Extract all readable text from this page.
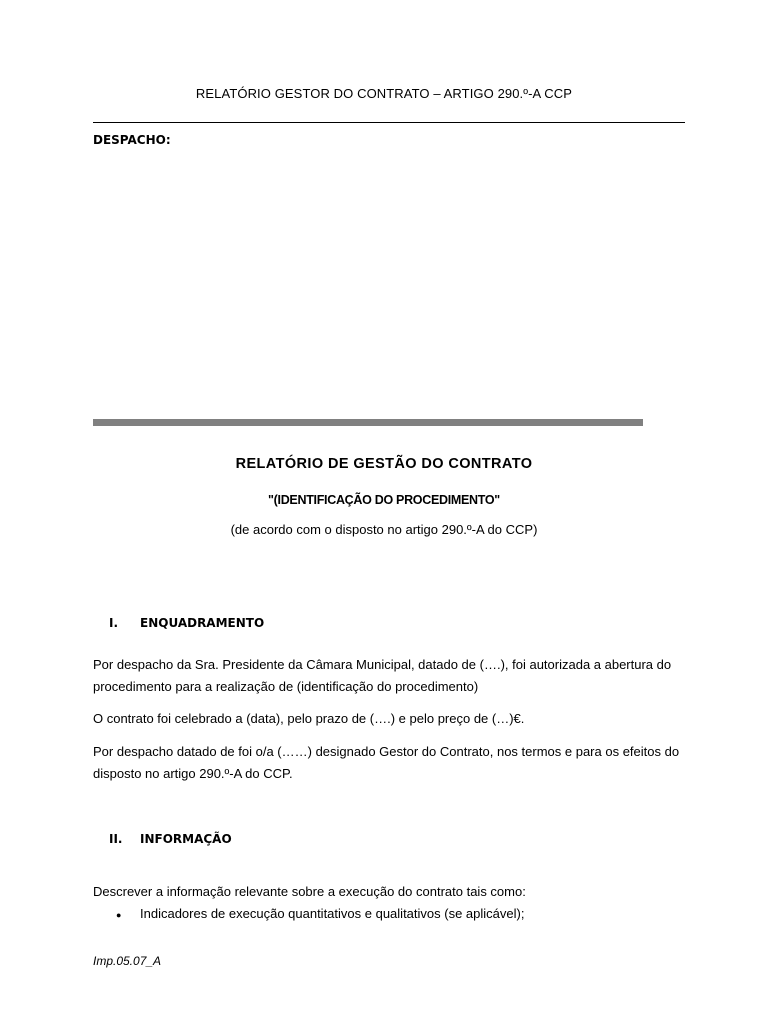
RELATÓRIO GESTOR DO CONTRATO – ARTIGO 290.º-A CCP
DESPACHO:
RELATÓRIO DE GESTÃO DO CONTRATO
"(IDENTIFICAÇÃO DO PROCEDIMENTO"
(de acordo com o disposto no artigo 290.º-A do CCP)
I. ENQUADRAMENTO
Por despacho da Sra. Presidente da Câmara Municipal, datado de (….), foi autorizada a abertura do
procedimento para a realização de (identificação do procedimento)
O contrato foi celebrado a (data), pelo prazo de (….) e pelo preço de (…)€.
Por despacho datado de foi o/a (……) designado Gestor do Contrato, nos termos e para os efeitos do
disposto no artigo 290.º-A do CCP.
II. INFORMAÇÃO
Descrever a informação relevante sobre a execução do contrato tais como:
● Indicadores de execução quantitativos e qualitativos (se aplicável);
Imp.05.07_A
